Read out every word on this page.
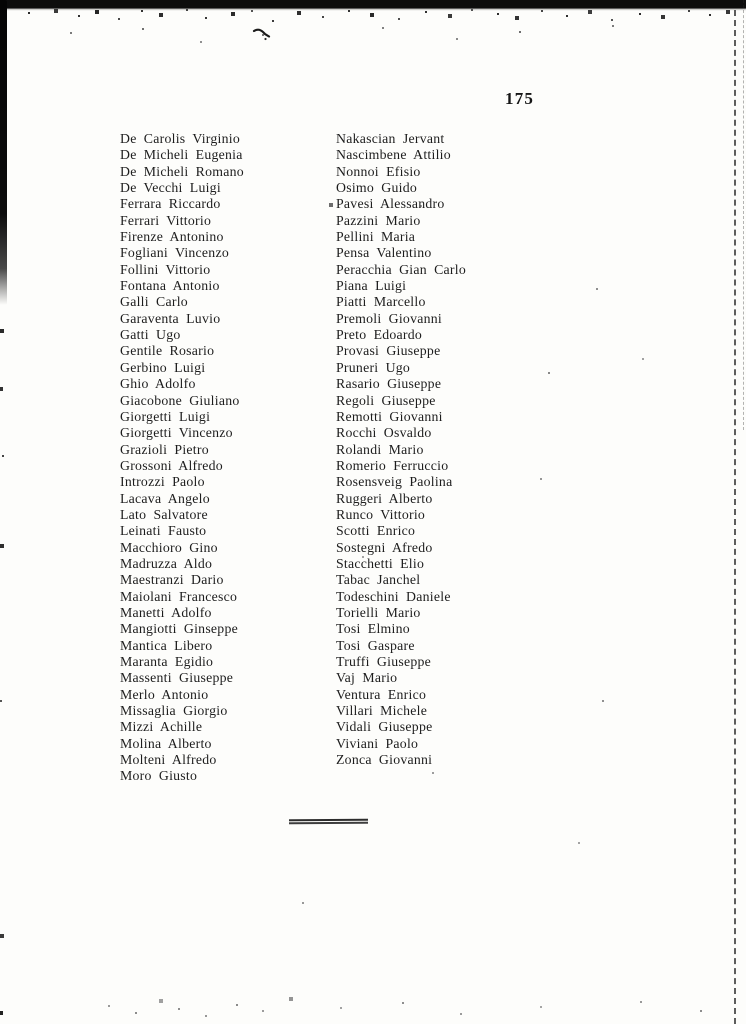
175
De Carolis Virginio
De Micheli Eugenia
De Micheli Romano
De Vecchi Luigi
Ferrara Riccardo
Ferrari Vittorio
Firenze Antonino
Fogliani Vincenzo
Follini Vittorio
Fontana Antonio
Galli Carlo
Garaventa Luvio
Gatti Ugo
Gentile Rosario
Gerbino Luigi
Ghio Adolfo
Giacobone Giuliano
Giorgetti Luigi
Giorgetti Vincenzo
Grazioli Pietro
Grossoni Alfredo
Introzzi Paolo
Lacava Angelo
Lato Salvatore
Leinati Fausto
Macchioro Gino
Madruzza Aldo
Maestranzi Dario
Maiolani Francesco
Manetti Adolfo
Mangiotti Ginseppe
Mantica Libero
Maranta Egidio
Massenti Giuseppe
Merlo Antonio
Missaglia Giorgio
Mizzi Achille
Molina Alberto
Molteni Alfredo
Moro Giusto
Nakascian Jervant
Nascimbene Attilio
Nonnoi Efisio
Osimo Guido
Pavesi Alessandro
Pazzini Mario
Pellini Maria
Pensa Valentino
Peracchia Gian Carlo
Piana Luigi
Piatti Marcello
Premoli Giovanni
Preto Edoardo
Provasi Giuseppe
Pruneri Ugo
Rasario Giuseppe
Regoli Giuseppe
Remotti Giovanni
Rocchi Osvaldo
Rolandi Mario
Romerio Ferruccio
Rosensveig Paolina
Ruggeri Alberto
Runco Vittorio
Scotti Enrico
Sostegni Afredo
Stacchetti Elio
Tabac Janchel
Todeschini Daniele
Torielli Mario
Tosi Elmino
Tosi Gaspare
Truffi Giuseppe
Vaj Mario
Ventura Enrico
Villari Michele
Vidali Giuseppe
Viviani Paolo
Zonca Giovanni
